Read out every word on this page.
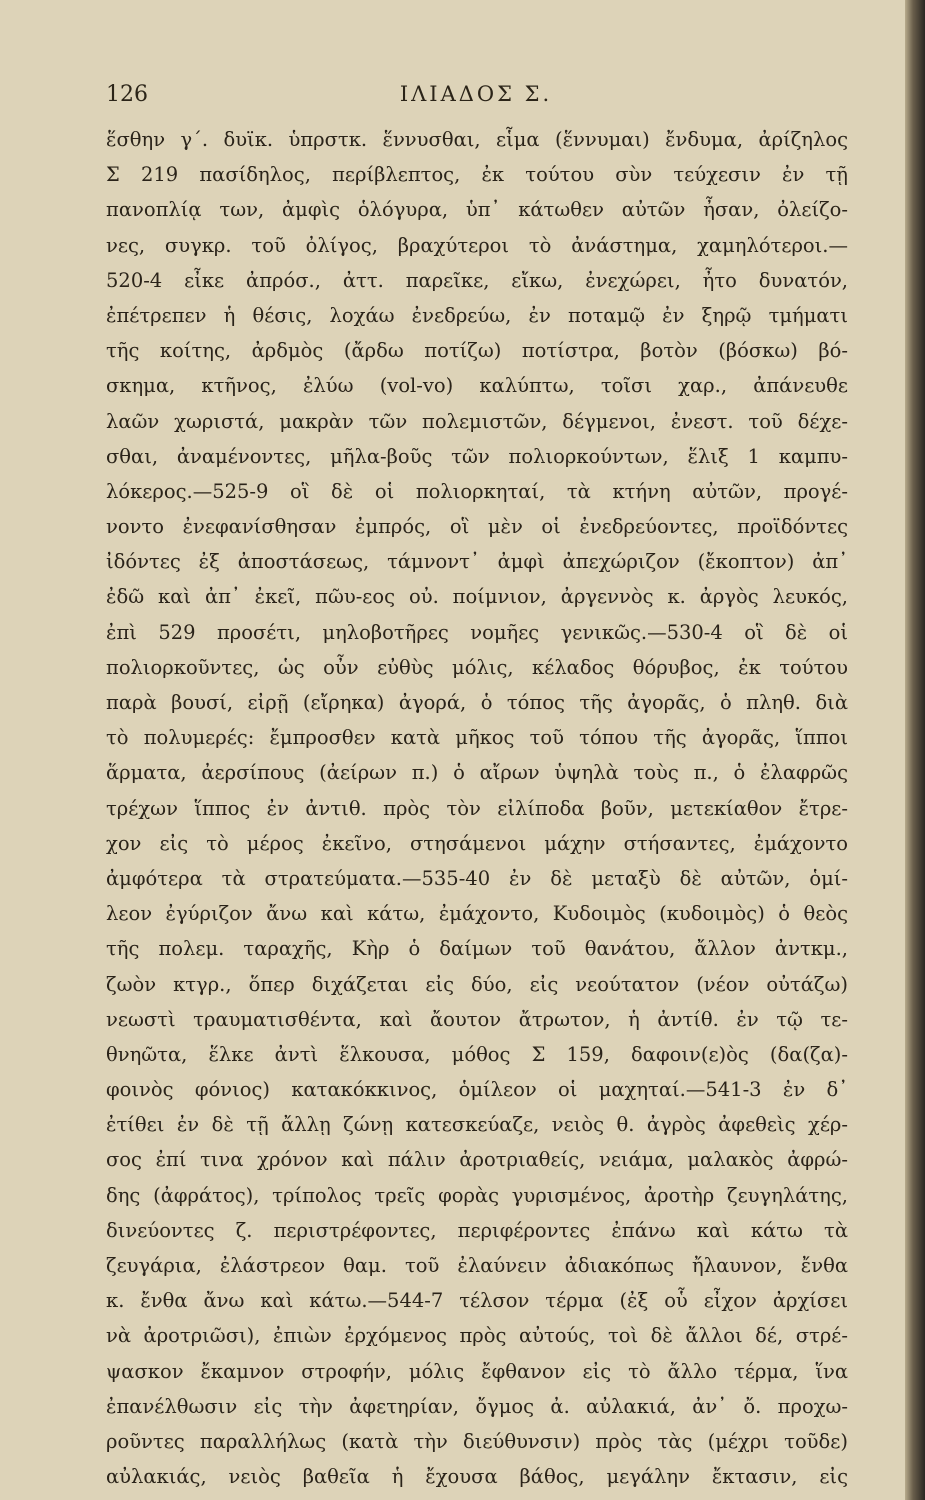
126	ΙΛΙΑΔΟΣ Σ.
ἕσθην γ΄. δυϊκ. ὑπρστκ. ἕννυσθαι, εἷμα (ἕννυμαι) ἔνδυμα, ἀρίζηλος
Σ 219 πασίδηλος, περίβλεπτος, ἐκ τούτου σὺν τεύχεσιν ἐν τῇ
πανοπλίᾳ των, ἀμφὶς ὁλόγυρα, ὑπ᾽ κάτωθεν αὐτῶν ἦσαν, ὀλείζο-
νες, συγκρ. τοῦ ὀλίγος, βραχύτεροι τὸ ἀνάστημα, χαμηλότεροι.—
520-4 εἶκε ἀπρόσ., ἀττ. παρεῖκε, εἴκω, ἐνεχώρει, ἦτο δυνατόν,
ἐπέτρεπεν ἡ θέσις, λοχάω ἐνεδρεύω, ἐν ποταμῷ ἐν ξηρῷ τμήματι
τῆς κοίτης, ἀρδμὸς (ἄρδω ποτίζω) ποτίστρα, βοτὸν (βόσκω) βό-
σκημα, κτῆνος, ἐλύω (vol-vo) καλύπτω, τοῖσι χαρ., ἀπάνευθε
λαῶν χωριστά, μακρὰν τῶν πολεμιστῶν, δέγμενοι, ἐνεστ. τοῦ δέχε-
σθαι, ἀναμένοντες, μῆλα-βοῦς τῶν πολιορκούντων, ἕλιξ 1 καμπυ-
λόκερος.—525-9 οἳ δὲ οἱ πολιορκηταί, τὰ κτήνη αὐτῶν, προγέ-
νοντο ἐνεφανίσθησαν ἐμπρός, οἳ μὲν οἱ ἐνεδρεύοντες, προϊδόντες
ἰδόντες ἐξ ἀποστάσεως, τάμνοντ᾽ ἀμφὶ ἀπεχώριζον (ἔκοπτον) ἀπ᾽
ἐδῶ καὶ ἀπ᾽ ἐκεῖ, πῶυ-εος οὐ. ποίμνιον, ἀργεννὸς κ. ἀργὸς λευκός,
ἐπὶ 529 προσέτι, μηλοβοτῆρες νομῆες γενικῶς.—530-4 οἳ δὲ οἱ
πολιορκοῦντες, ὡς οὖν εὐθὺς μόλις, κέλαδος θόρυβος, ἐκ τούτου
παρὰ βουσί, εἰρῇ (εἴρηκα) ἀγορά, ὁ τόπος τῆς ἀγορᾶς, ὁ πληθ. διὰ
τὸ πολυμερές: ἔμπροσθεν κατὰ μῆκος τοῦ τόπου τῆς ἀγορᾶς, ἵπποι
ἅρματα, ἀερσίπους (ἀείρων π.) ὁ αἴρων ὑψηλὰ τοὺς π., ὁ ἐλαφρῶς
τρέχων ἵππος ἐν ἀντιθ. πρὸς τὸν εἰλίποδα βοῦν, μετεκίαθον ἔτρε-
χον εἰς τὸ μέρος ἐκεῖνο, στησάμενοι μάχην στήσαντες, ἐμάχοντο
ἀμφότερα τὰ στρατεύματα.—535-40 ἐν δὲ μεταξὺ δὲ αὐτῶν, ὁμί-
λεον ἐγύριζον ἄνω καὶ κάτω, ἐμάχοντο, Κυδοιμὸς (κυδοιμὸς) ὁ θεὸς
τῆς πολεμ. ταραχῆς, Κὴρ ὁ δαίμων τοῦ θανάτου, ἄλλον ἀντκμ.,
ζωὸν κτγρ., ὅπερ διχάζεται εἰς δύο, εἰς νεούτατον (νέον οὐτάζω)
νεωστὶ τραυματισθέντα, καὶ ἄουτον ἄτρωτον, ἡ ἀντίθ. ἐν τῷ τε-
θνηῶτα, ἕλκε ἀντὶ ἕλκουσα, μόθος Σ 159, δαφοιν(ε)ὸς (δα(ζα)-
φοινὸς φόνιος) κατακόκκινος, ὁμίλεον οἱ μαχηταί.—541-3 ἐν δ᾽
ἐτίθει ἐν δὲ τῇ ἄλλῃ ζώνῃ κατεσκεύαζε, νειὸς θ. ἀγρὸς ἀφεθεὶς χέρ-
σος ἐπί τινα χρόνον καὶ πάλιν ἀροτριαθείς, νειάμα, μαλακὸς ἀφρώ-
δης (ἀφράτος), τρίπολος τρεῖς φορὰς γυρισμένος, ἀροτὴρ ζευγηλάτης,
δινεύοντες ζ. περιστρέφοντες, περιφέροντες ἐπάνω καὶ κάτω τὰ
ζευγάρια, ἐλάστρεον θαμ. τοῦ ἐλαύνειν ἀδιακόπως ἤλαυνον, ἔνθα
κ. ἔνθα ἄνω καὶ κάτω.—544-7 τέλσον τέρμα (ἐξ οὗ εἶχον ἀρχίσει
νὰ ἀροτριῶσι), ἐπιὼν ἐρχόμενος πρὸς αὐτούς, τοὶ δὲ ἄλλοι δέ, στρέ-
ψασκον ἔκαμνον στροφήν, μόλις ἔφθανον εἰς τὸ ἄλλο τέρμα, ἵνα
ἐπανέλθωσιν εἰς τὴν ἀφετηρίαν, ὄγμος ἀ. αὐλακιά, ἀν᾽ ὄ. προχω-
ροῦντες παραλλήλως (κατὰ τὴν διεύθυνσιν) πρὸς τὰς (μέχρι τοῦδε)
αὐλακιάς, νειὸς βαθεῖα ἡ ἔχουσα βάθος, μεγάλην ἔκτασιν, εἰς
